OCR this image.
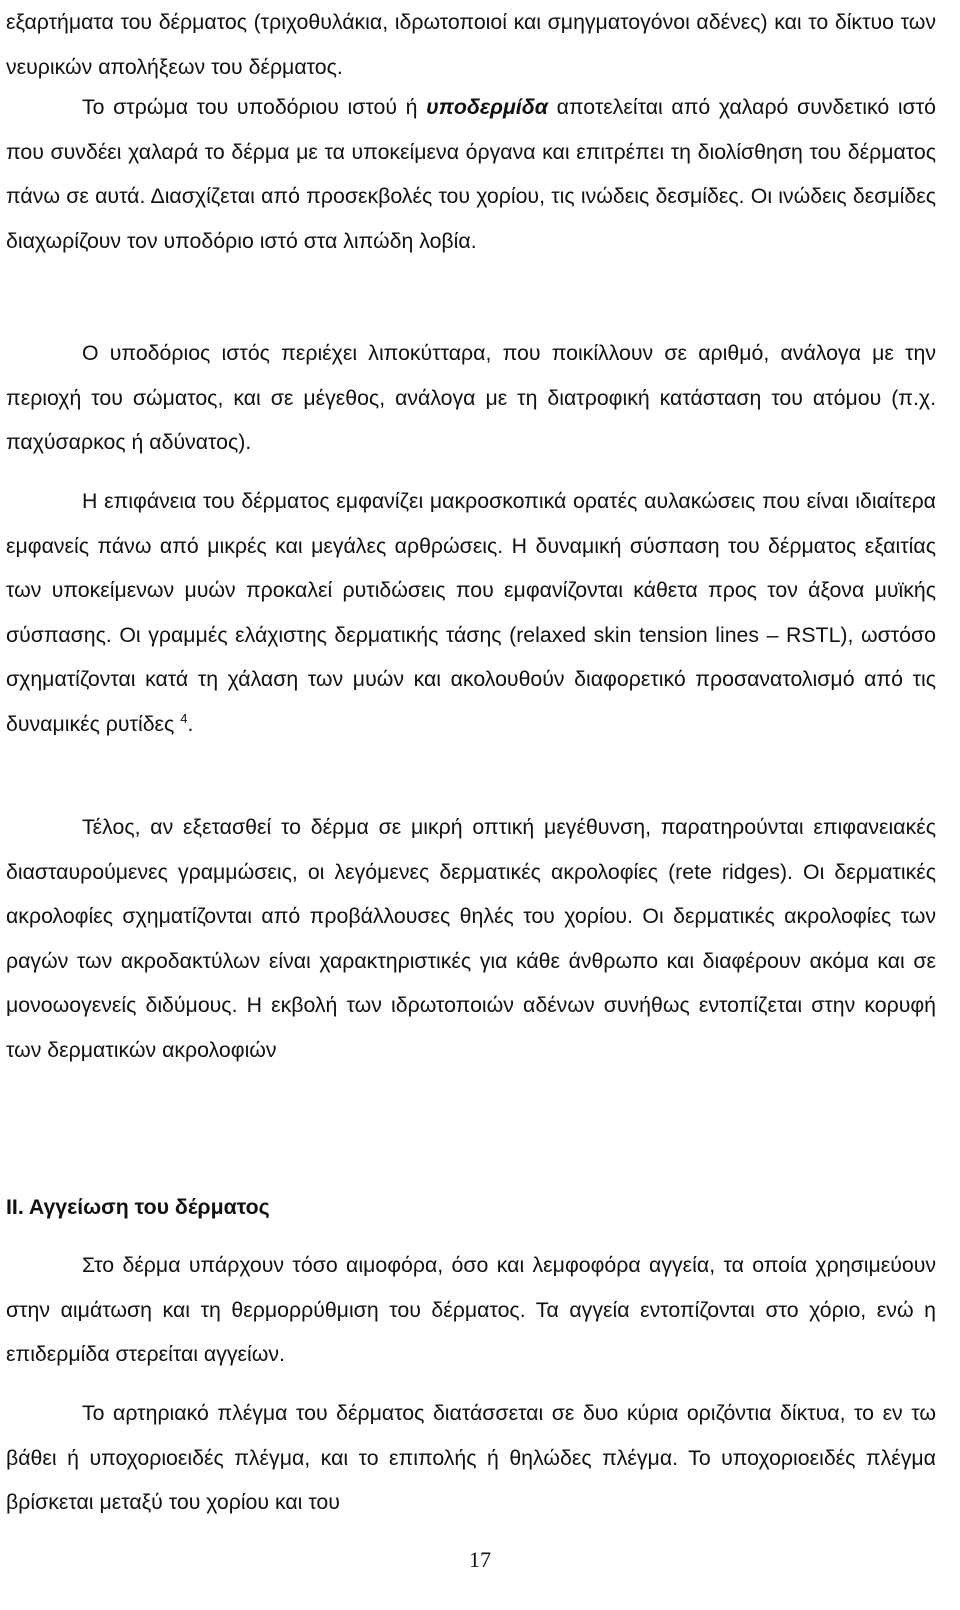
εξαρτήματα του δέρματος (τριχοθυλάκια, ιδρωτοποιοί και σμηγματογόνοι αδένες) και το δίκτυο των νευρικών απολήξεων του δέρματος.

Το στρώμα του υποδόριου ιστού ή υποδερμίδα αποτελείται από χαλαρό συνδετικό ιστό που συνδέει χαλαρά το δέρμα με τα υποκείμενα όργανα και επιτρέπει τη διολίσθηση του δέρματος πάνω σε αυτά. Διασχίζεται από προσεκβολές του χορίου, τις ινώδεις δεσμίδες. Οι ινώδεις δεσμίδες διαχωρίζουν τον υποδόριο ιστό στα λιπώδη λοβία.

Ο υποδόριος ιστός περιέχει λιποκύτταρα, που ποικίλλουν σε αριθμό, ανάλογα με την περιοχή του σώματος, και σε μέγεθος, ανάλογα με τη διατροφική κατάσταση του ατόμου (π.χ. παχύσαρκος ή αδύνατος).

Η επιφάνεια του δέρματος εμφανίζει μακροσκοπικά ορατές αυλακώσεις που είναι ιδιαίτερα εμφανείς πάνω από μικρές και μεγάλες αρθρώσεις. Η δυναμική σύσπαση του δέρματος εξαιτίας των υποκείμενων μυών προκαλεί ρυτιδώσεις που εμφανίζονται κάθετα προς τον άξονα μυϊκής σύσπασης. Οι γραμμές ελάχιστης δερματικής τάσης (relaxed skin tension lines – RSTL), ωστόσο σχηματίζονται κατά τη χάλαση των μυών και ακολουθούν διαφορετικό προσανατολισμό από τις δυναμικές ρυτίδες $^4$.

Τέλος, αν εξετασθεί το δέρμα σε μικρή οπτική μεγέθυνση, παρατηρούνται επιφανειακές διασταυρούμενες γραμμώσεις, οι λεγόμενες δερματικές ακρολοφίες (rete ridges). Οι δερματικές ακρολοφίες σχηματίζονται από προβάλλουσες θηλές του χορίου. Οι δερματικές ακρολοφίες των ραγών των ακροδακτύλων είναι χαρακτηριστικές για κάθε άνθρωπο και διαφέρουν ακόμα και σε μονοωογενείς διδύμους. Η εκβολή των ιδρωτοποιών αδένων συνήθως εντοπίζεται στην κορυφή των δερματικών ακρολοφιών

ΙΙ. Αγγείωση του δέρματος

Στο δέρμα υπάρχουν τόσο αιμοφόρα, όσο και λεμφοφόρα αγγεία, τα οποία χρησιμεύουν στην αιμάτωση και τη θερμορρύθμιση του δέρματος. Τα αγγεία εντοπίζονται στο χόριο, ενώ η επιδερμίδα στερείται αγγείων.

Το αρτηριακό πλέγμα του δέρματος διατάσσεται σε δυο κύρια οριζόντια δίκτυα, το εν τω βάθει ή υποχοριοειδές πλέγμα, και το επιπολής ή θηλώδες πλέγμα. Το υποχοριοειδές πλέγμα βρίσκεται μεταξύ του χορίου και του

17
